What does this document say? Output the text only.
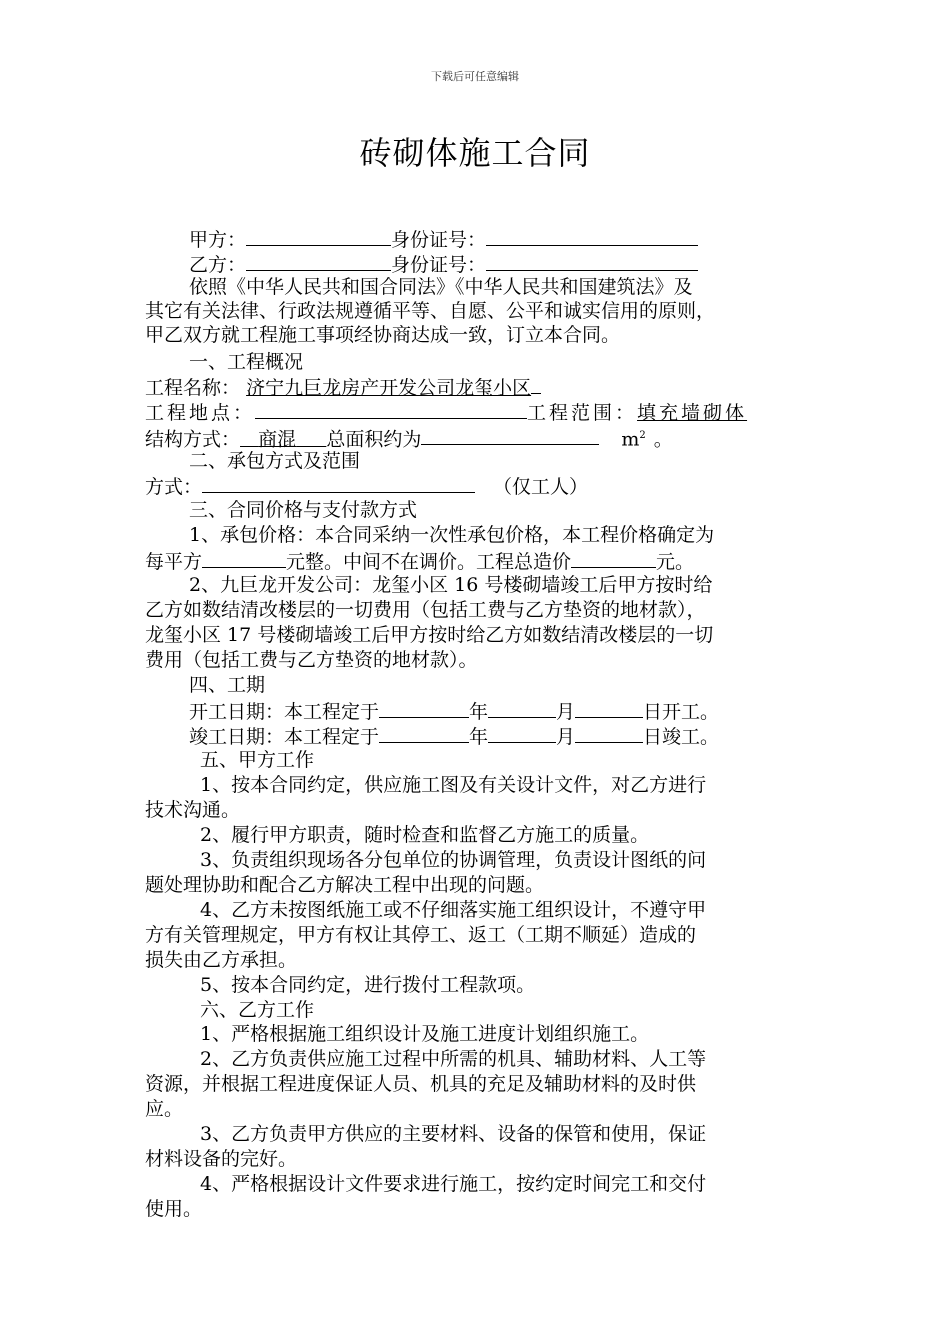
下载后可任意编辑
砖砌体施工合同
甲方：	身份证号：
乙方：	身份证号：
依照《中华人民共和国合同法》《中华人民共和国建筑法》及
其它有关法律、行政法规遵循平等、自愿、公平和诚实信用的原则，
甲乙双方就工程施工事项经协商达成一致，订立本合同。
一、工程概况
工程名称： 济宁九巨龙房产开发公司龙玺小区
工程地点：	工程范围：填充墙砌体
结构方式： 商混 总面积约为	$m^2$ 。
二、承包方式及范围
方式：	（仅工人）
三、合同价格与支付款方式
1、承包价格：本合同采纳一次性承包价格，本工程价格确定为
每平方	元整。中间不在调价。工程总造价	元。
2、九巨龙开发公司：龙玺小区 16 号楼砌墙竣工后甲方按时给
乙方如数结清改楼层的一切费用（包括工费与乙方垫资的地材款），
龙玺小区 17 号楼砌墙竣工后甲方按时给乙方如数结清改楼层的一切
费用（包括工费与乙方垫资的地材款）。
四、工期
开工日期：本工程定于	年	月	日开工。
竣工日期：本工程定于	年	月	日竣工。
五、甲方工作
1、按本合同约定，供应施工图及有关设计文件，对乙方进行
技术沟通。
2、履行甲方职责，随时检查和监督乙方施工的质量。
3、负责组织现场各分包单位的协调管理，负责设计图纸的问
题处理协助和配合乙方解决工程中出现的问题。
4、乙方未按图纸施工或不仔细落实施工组织设计，不遵守甲
方有关管理规定，甲方有权让其停工、返工（工期不顺延）造成的
损失由乙方承担。
5、按本合同约定，进行拨付工程款项。
六、乙方工作
1、严格根据施工组织设计及施工进度计划组织施工。
2、乙方负责供应施工过程中所需的机具、辅助材料、人工等
资源，并根据工程进度保证人员、机具的充足及辅助材料的及时供
应。
3、乙方负责甲方供应的主要材料、设备的保管和使用，保证
材料设备的完好。
4、严格根据设计文件要求进行施工，按约定时间完工和交付
使用。
